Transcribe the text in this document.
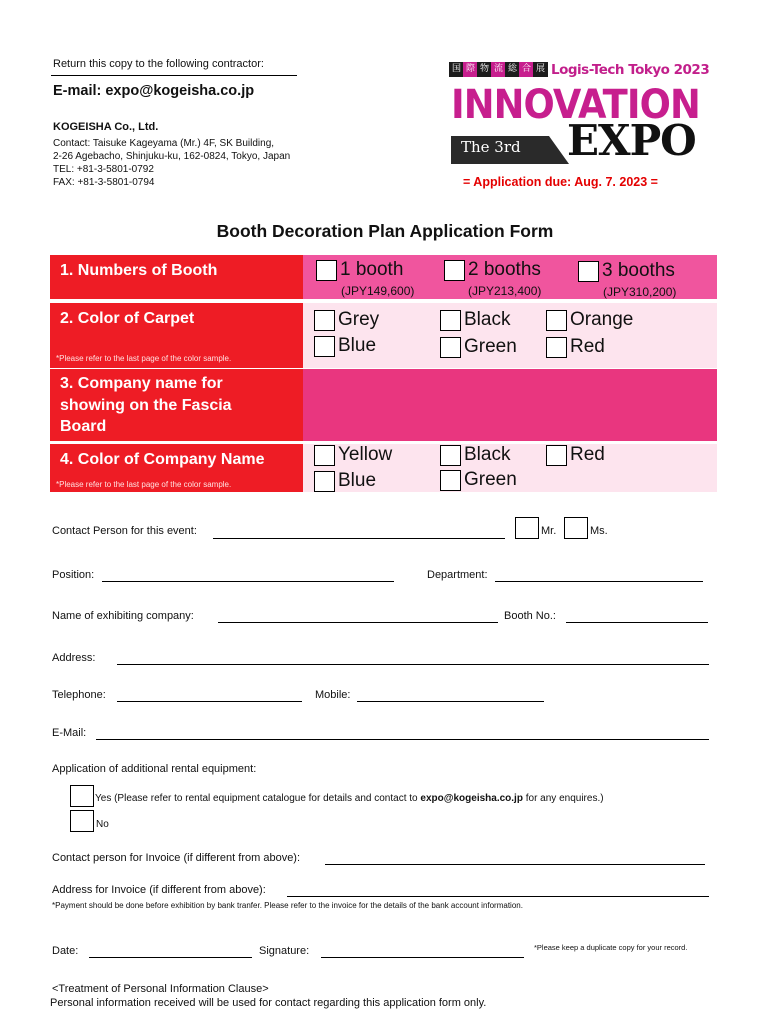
Return this copy to the following contractor:
E-mail: expo@kogeisha.co.jp
KOGEISHA Co., Ltd.
Contact: Taisuke Kageyama (Mr.) 4F, SK Building,
2-26 Agebacho, Shinjuku-ku, 162-0824, Tokyo, Japan
TEL: +81-3-5801-0792
FAX: +81-3-5801-0794
国 際 物 流 総 合 展 Logis-Tech Tokyo 2023
INNOVATION
The 3rd EXPO
= Application due: Aug. 7. 2023 =
Booth Decoration Plan Application Form
1. Numbers of Booth	1 booth	2 booths	3 booths
(JPY149,600)	(JPY213,400)	(JPY310,200)
2. Color of Carpet
*Please refer to the last page of the color sample.
Grey	Black	Orange
Blue	Green	Red
3. Company name for
showing on the Fascia
Board
4. Color of Company Name
*Please refer to the last page of the color sample.
Yellow	Black	Red
Blue	Green
Contact Person for this event:	Mr.	Ms.
Position:	Department:
Name of exhibiting company:	Booth No.:
Address:
Telephone:	Mobile:
E-Mail:
Application of additional rental equipment:
Yes (Please refer to rental equipment catalogue for details and contact to expo@kogeisha.co.jp for any enquires.)
No
Contact person for Invoice (if different from above):
Address for Invoice (if different from above):
*Payment should be done before exhibition by bank tranfer. Please refer to the invoice for the details of the bank account information.
Date:	Signature:	*Please keep a duplicate copy for your record.
<Treatment of Personal Information Clause>
Personal information received will be used for contact regarding this application form only.
